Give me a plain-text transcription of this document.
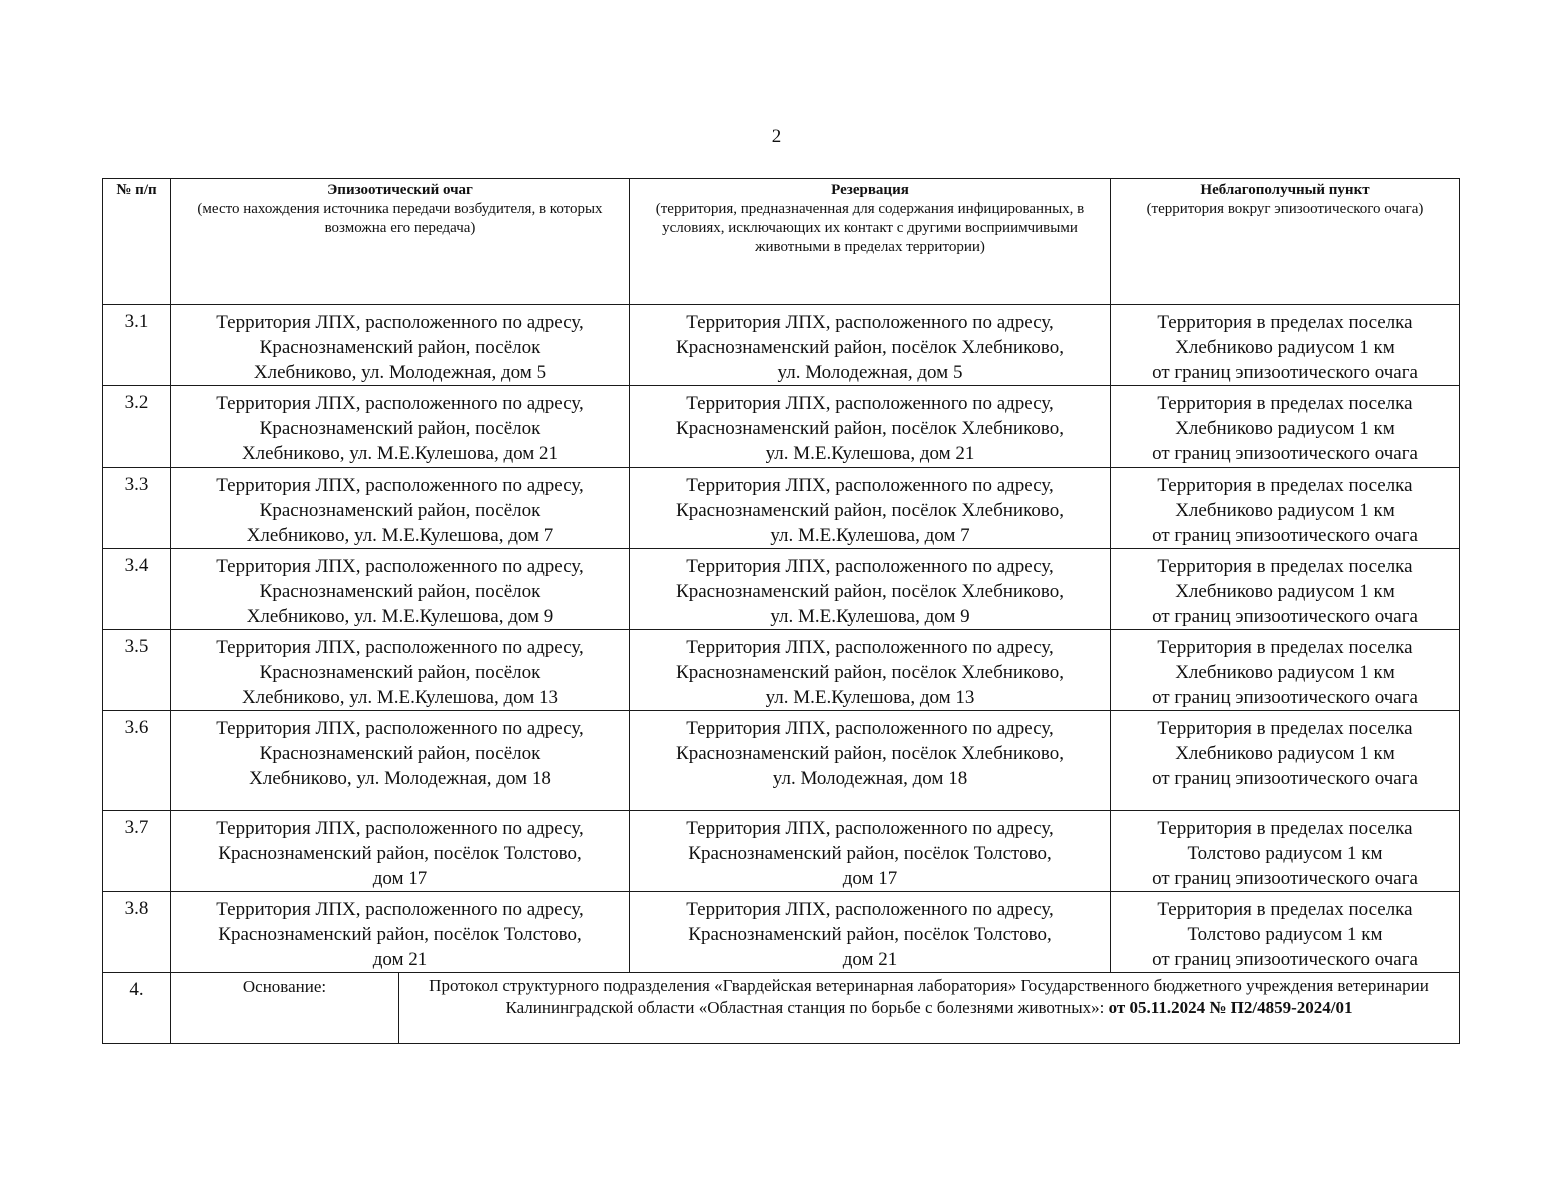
2
№ п/п	Эпизоотический очаг
(место нахождения источника передачи возбудителя, в которых возможна его передача)		Резервация
(территория, предназначенная для содержания инфицированных, в условиях, исключающих их контакт с другими восприимчивыми животными в пределах территории)	Неблагополучный пункт
(территория вокруг эпизоотического очага)

3.1	Территория ЛПХ, расположенного по адресу,
Краснознаменский район, посёлок
Хлебниково, ул. Молодежная, дом 5		Территория ЛПХ, расположенного по адресу,
Краснознаменский район, посёлок Хлебниково,
ул. Молодежная, дом 5	Территория в пределах поселка
Хлебниково радиусом 1 км
от границ эпизоотического очага

3.2	Территория ЛПХ, расположенного по адресу,
Краснознаменский район, посёлок
Хлебниково, ул. М.Е.Кулешова, дом 21		Территория ЛПХ, расположенного по адресу,
Краснознаменский район, посёлок Хлебниково,
ул. М.Е.Кулешова, дом 21	Территория в пределах поселка
Хлебниково радиусом 1 км
от границ эпизоотического очага

3.3	Территория ЛПХ, расположенного по адресу,
Краснознаменский район, посёлок
Хлебниково, ул. М.Е.Кулешова, дом 7		Территория ЛПХ, расположенного по адресу,
Краснознаменский район, посёлок Хлебниково,
ул. М.Е.Кулешова, дом 7	Территория в пределах поселка
Хлебниково радиусом 1 км
от границ эпизоотического очага

3.4	Территория ЛПХ, расположенного по адресу,
Краснознаменский район, посёлок
Хлебниково, ул. М.Е.Кулешова, дом 9		Территория ЛПХ, расположенного по адресу,
Краснознаменский район, посёлок Хлебниково,
ул. М.Е.Кулешова, дом 9	Территория в пределах поселка
Хлебниково радиусом 1 км
от границ эпизоотического очага

3.5	Территория ЛПХ, расположенного по адресу,
Краснознаменский район, посёлок
Хлебниково, ул. М.Е.Кулешова, дом 13		Территория ЛПХ, расположенного по адресу,
Краснознаменский район, посёлок Хлебниково,
ул. М.Е.Кулешова, дом 13	Территория в пределах поселка
Хлебниково радиусом 1 км
от границ эпизоотического очага

3.6	Территория ЛПХ, расположенного по адресу,
Краснознаменский район, посёлок
Хлебниково, ул. Молодежная, дом 18		Территория ЛПХ, расположенного по адресу,
Краснознаменский район, посёлок Хлебниково,
ул. Молодежная, дом 18	Территория в пределах поселка
Хлебниково радиусом 1 км
от границ эпизоотического очага

3.7	Территория ЛПХ, расположенного по адресу,
Краснознаменский район, посёлок Толстово,
дом 17		Территория ЛПХ, расположенного по адресу,
Краснознаменский район, посёлок Толстово,
дом 17	Территория в пределах поселка
Толстово радиусом 1 км
от границ эпизоотического очага

3.8	Территория ЛПХ, расположенного по адресу,
Краснознаменский район, посёлок Толстово,
дом 21		Территория ЛПХ, расположенного по адресу,
Краснознаменский район, посёлок Толстово,
дом 21	Территория в пределах поселка
Толстово радиусом 1 км
от границ эпизоотического очага

4.	Основание:	Протокол структурного подразделения «Гвардейская ветеринарная лаборатория» Государственного бюджетного учреждения ветеринарии Калининградской области «Областная станция по борьбе с болезнями животных»: от 05.11.2024 № П2/4859-2024/01		
